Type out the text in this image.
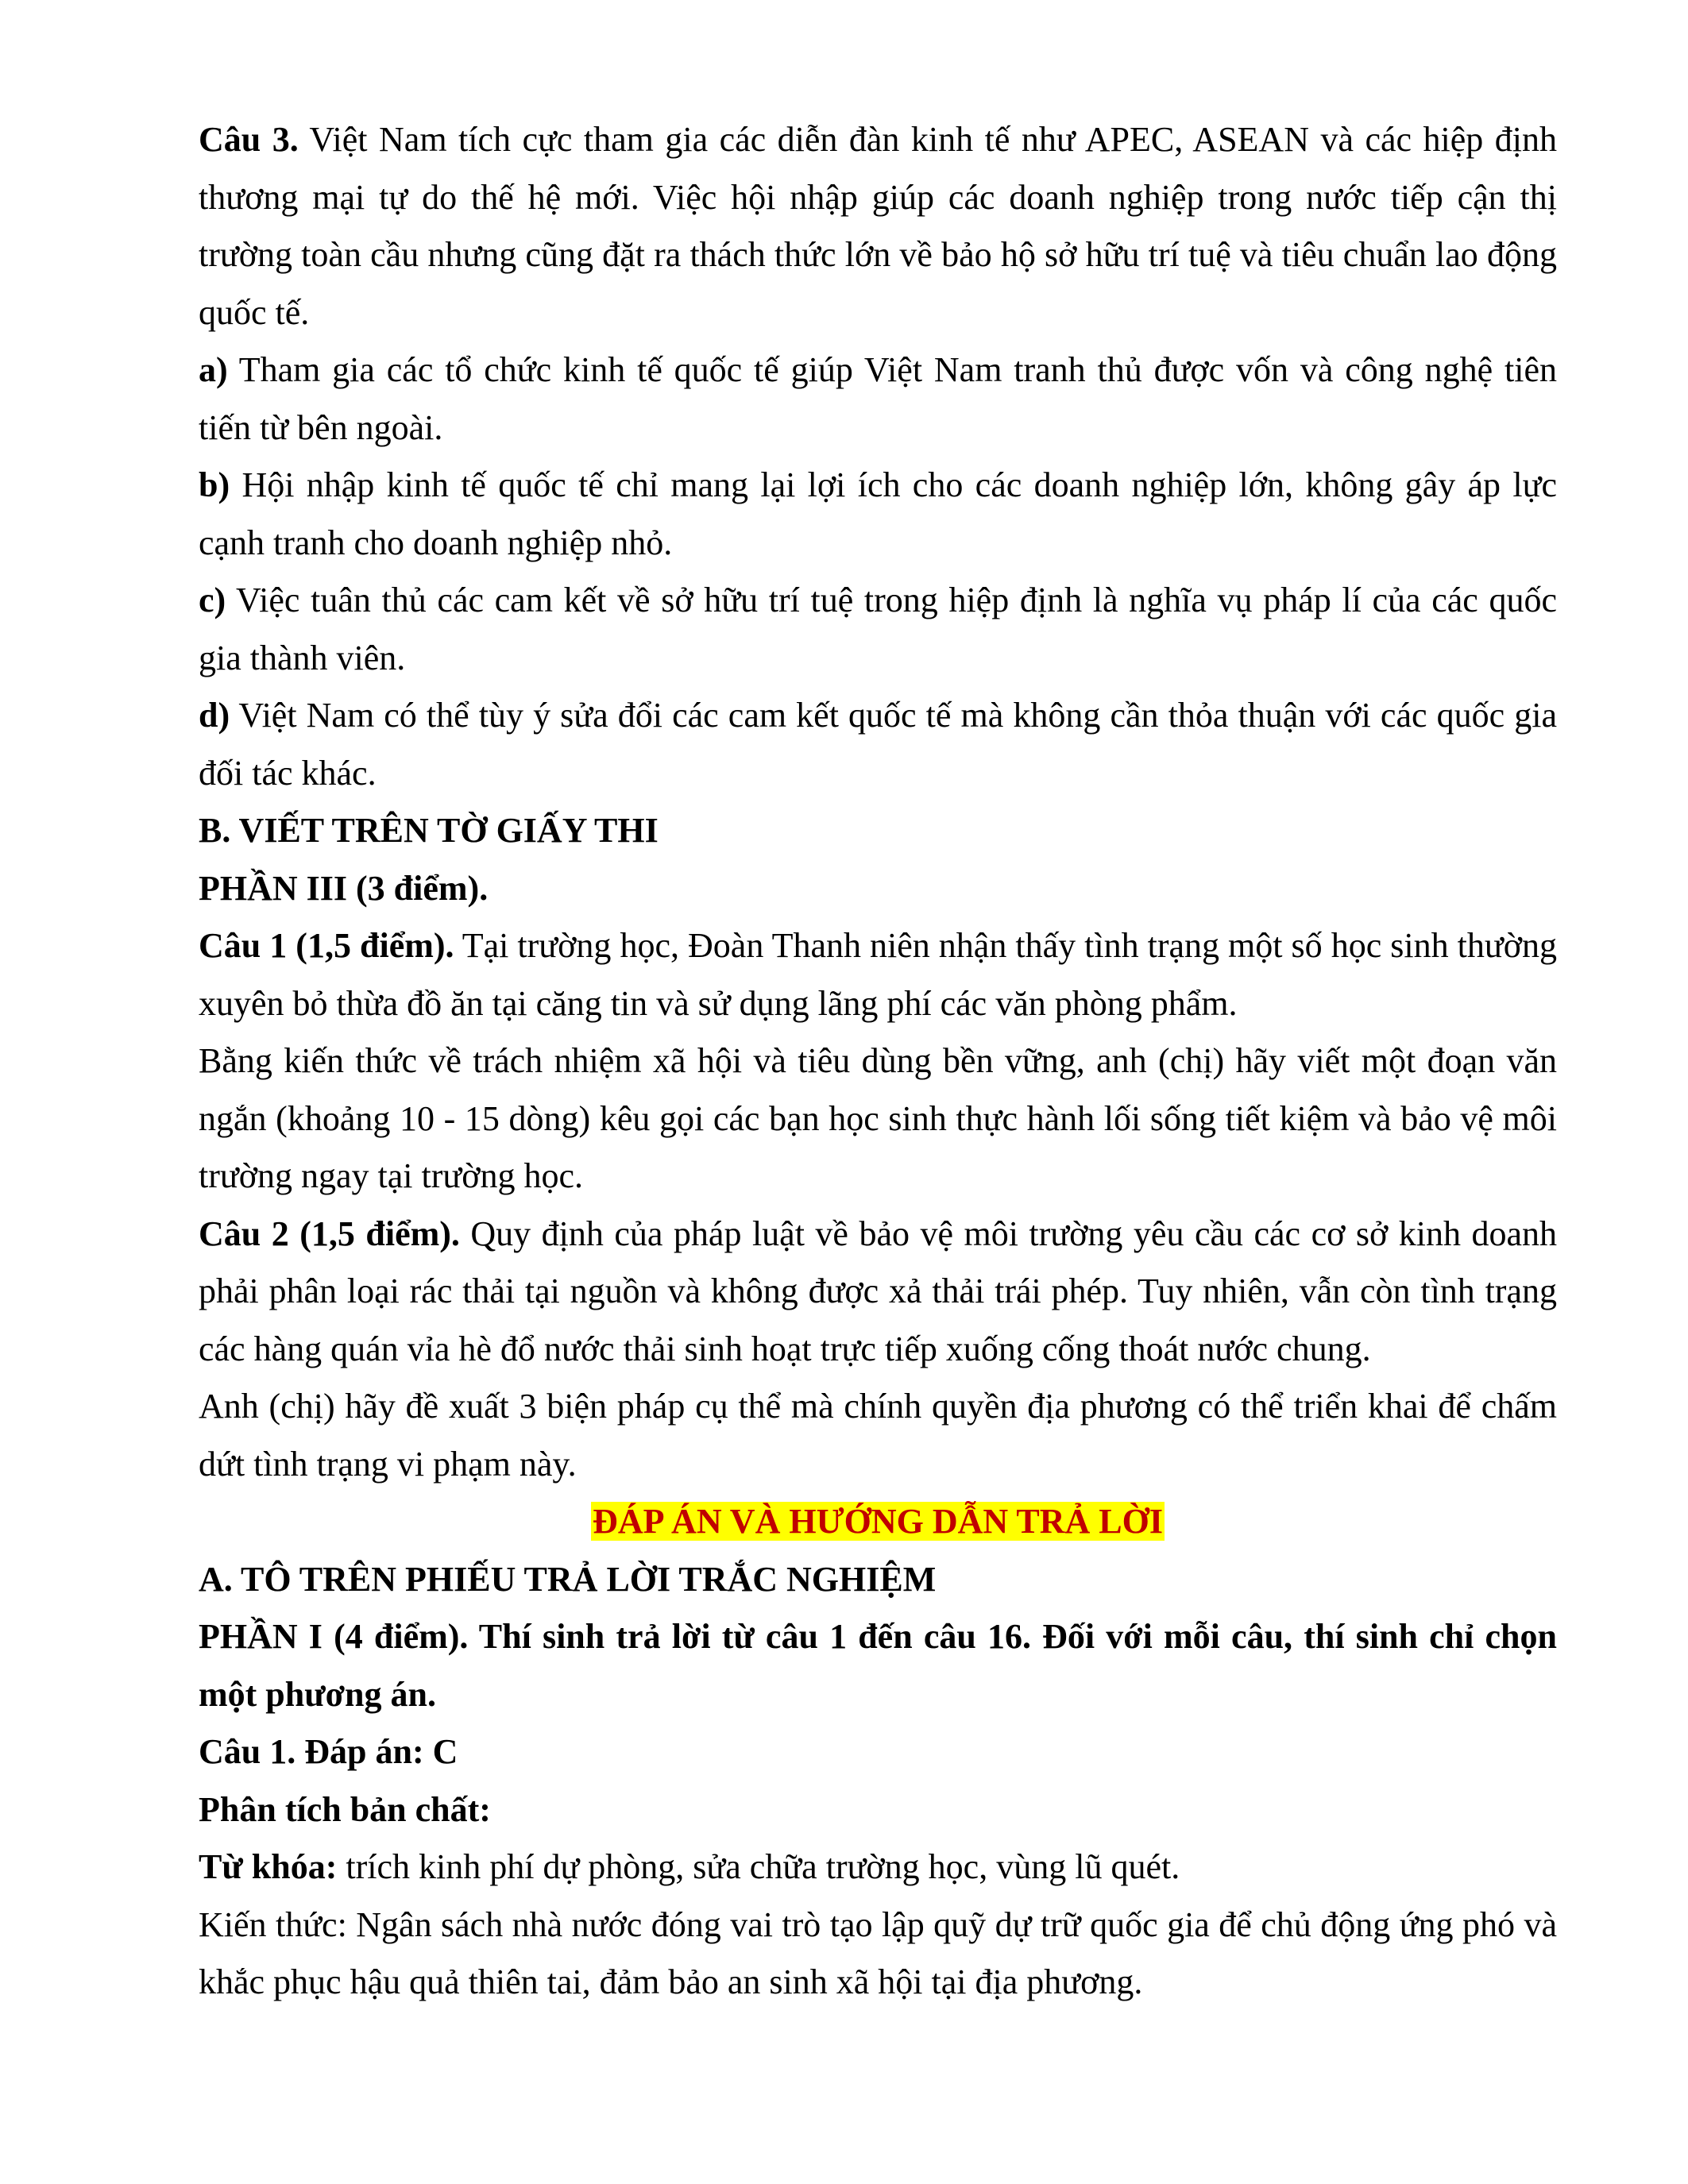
Câu 3. Việt Nam tích cực tham gia các diễn đàn kinh tế như APEC, ASEAN và các hiệp định thương mại tự do thế hệ mới. Việc hội nhập giúp các doanh nghiệp trong nước tiếp cận thị trường toàn cầu nhưng cũng đặt ra thách thức lớn về bảo hộ sở hữu trí tuệ và tiêu chuẩn lao động quốc tế.

a) Tham gia các tổ chức kinh tế quốc tế giúp Việt Nam tranh thủ được vốn và công nghệ tiên tiến từ bên ngoài.

b) Hội nhập kinh tế quốc tế chỉ mang lại lợi ích cho các doanh nghiệp lớn, không gây áp lực cạnh tranh cho doanh nghiệp nhỏ.

c) Việc tuân thủ các cam kết về sở hữu trí tuệ trong hiệp định là nghĩa vụ pháp lí của các quốc gia thành viên.

d) Việt Nam có thể tùy ý sửa đổi các cam kết quốc tế mà không cần thỏa thuận với các quốc gia đối tác khác.

B. VIẾT TRÊN TỜ GIẤY THI

PHẦN III (3 điểm).

Câu 1 (1,5 điểm). Tại trường học, Đoàn Thanh niên nhận thấy tình trạng một số học sinh thường xuyên bỏ thừa đồ ăn tại căng tin và sử dụng lãng phí các văn phòng phẩm.

Bằng kiến thức về trách nhiệm xã hội và tiêu dùng bền vững, anh (chị) hãy viết một đoạn văn ngắn (khoảng 10 - 15 dòng) kêu gọi các bạn học sinh thực hành lối sống tiết kiệm và bảo vệ môi trường ngay tại trường học.

Câu 2 (1,5 điểm). Quy định của pháp luật về bảo vệ môi trường yêu cầu các cơ sở kinh doanh phải phân loại rác thải tại nguồn và không được xả thải trái phép. Tuy nhiên, vẫn còn tình trạng các hàng quán vỉa hè đổ nước thải sinh hoạt trực tiếp xuống cống thoát nước chung.

Anh (chị) hãy đề xuất 3 biện pháp cụ thể mà chính quyền địa phương có thể triển khai để chấm dứt tình trạng vi phạm này.

ĐÁP ÁN VÀ HƯỚNG DẪN TRẢ LỜI

A. TÔ TRÊN PHIẾU TRẢ LỜI TRẮC NGHIỆM

PHẦN I (4 điểm). Thí sinh trả lời từ câu 1 đến câu 16. Đối với mỗi câu, thí sinh chỉ chọn một phương án.

Câu 1. Đáp án: C

Phân tích bản chất:

Từ khóa: trích kinh phí dự phòng, sửa chữa trường học, vùng lũ quét.

Kiến thức: Ngân sách nhà nước đóng vai trò tạo lập quỹ dự trữ quốc gia để chủ động ứng phó và khắc phục hậu quả thiên tai, đảm bảo an sinh xã hội tại địa phương.
